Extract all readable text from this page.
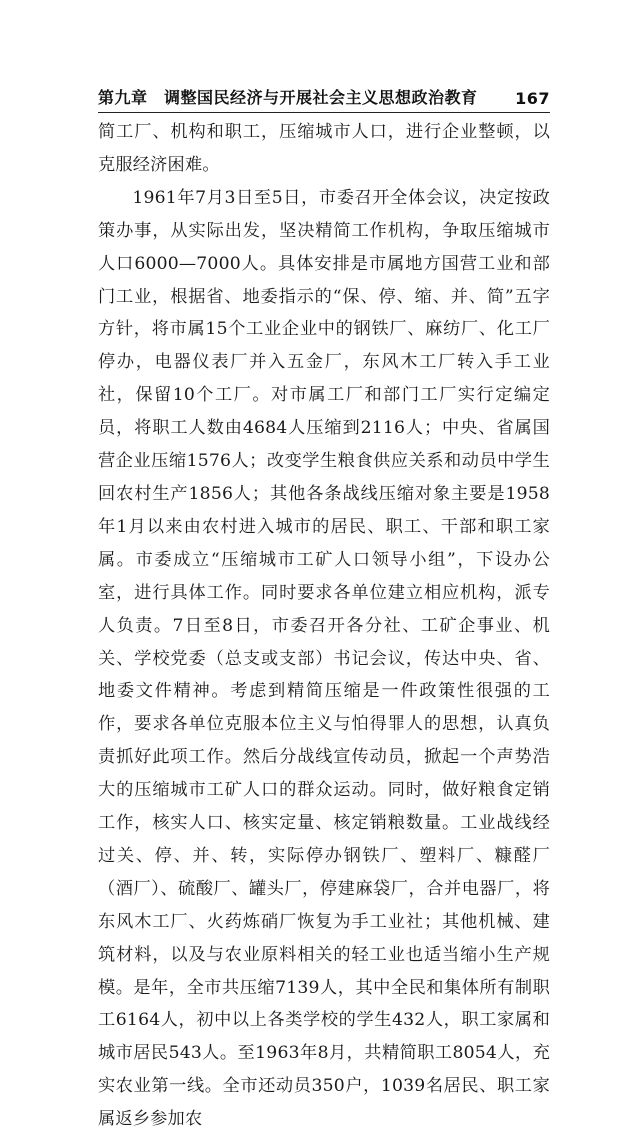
第九章　调整国民经济与开展社会主义思想政治教育 167

简工厂、机构和职工，压缩城市人口，进行企业整顿，以克服经济困难。

1961年7月3日至5日，市委召开全体会议，决定按政策办事，从实际出发，坚决精简工作机构，争取压缩城市人口6000—7000人。具体安排是市属地方国营工业和部门工业，根据省、地委指示的“保、停、缩、并、简”五字方针，将市属15个工业企业中的钢铁厂、麻纺厂、化工厂停办，电器仪表厂并入五金厂，东风木工厂转入手工业社，保留10个工厂。对市属工厂和部门工厂实行定编定员，将职工人数由4684人压缩到2116人；中央、省属国营企业压缩1576人；改变学生粮食供应关系和动员中学生回农村生产1856人；其他各条战线压缩对象主要是1958年1月以来由农村进入城市的居民、职工、干部和职工家属。市委成立“压缩城市工矿人口领导小组”，下设办公室，进行具体工作。同时要求各单位建立相应机构，派专人负责。7日至8日，市委召开各分社、工矿企事业、机关、学校党委（总支或支部）书记会议，传达中央、省、地委文件精神。考虑到精简压缩是一件政策性很强的工作，要求各单位克服本位主义与怕得罪人的思想，认真负责抓好此项工作。然后分战线宣传动员，掀起一个声势浩大的压缩城市工矿人口的群众运动。同时，做好粮食定销工作，核实人口、核实定量、核定销粮数量。工业战线经过关、停、并、转，实际停办钢铁厂、塑料厂、糠醛厂（酒厂）、硫酸厂、罐头厂，停建麻袋厂，合并电器厂，将东风木工厂、火药炼硝厂恢复为手工业社；其他机械、建筑材料，以及与农业原料相关的轻工业也适当缩小生产规模。是年，全市共压缩7139人，其中全民和集体所有制职工6164人，初中以上各类学校的学生432人，职工家属和城市居民543人。至1963年8月，共精简职工8054人，充实农业第一线。全市还动员350户，1039名居民、职工家属返乡参加农
